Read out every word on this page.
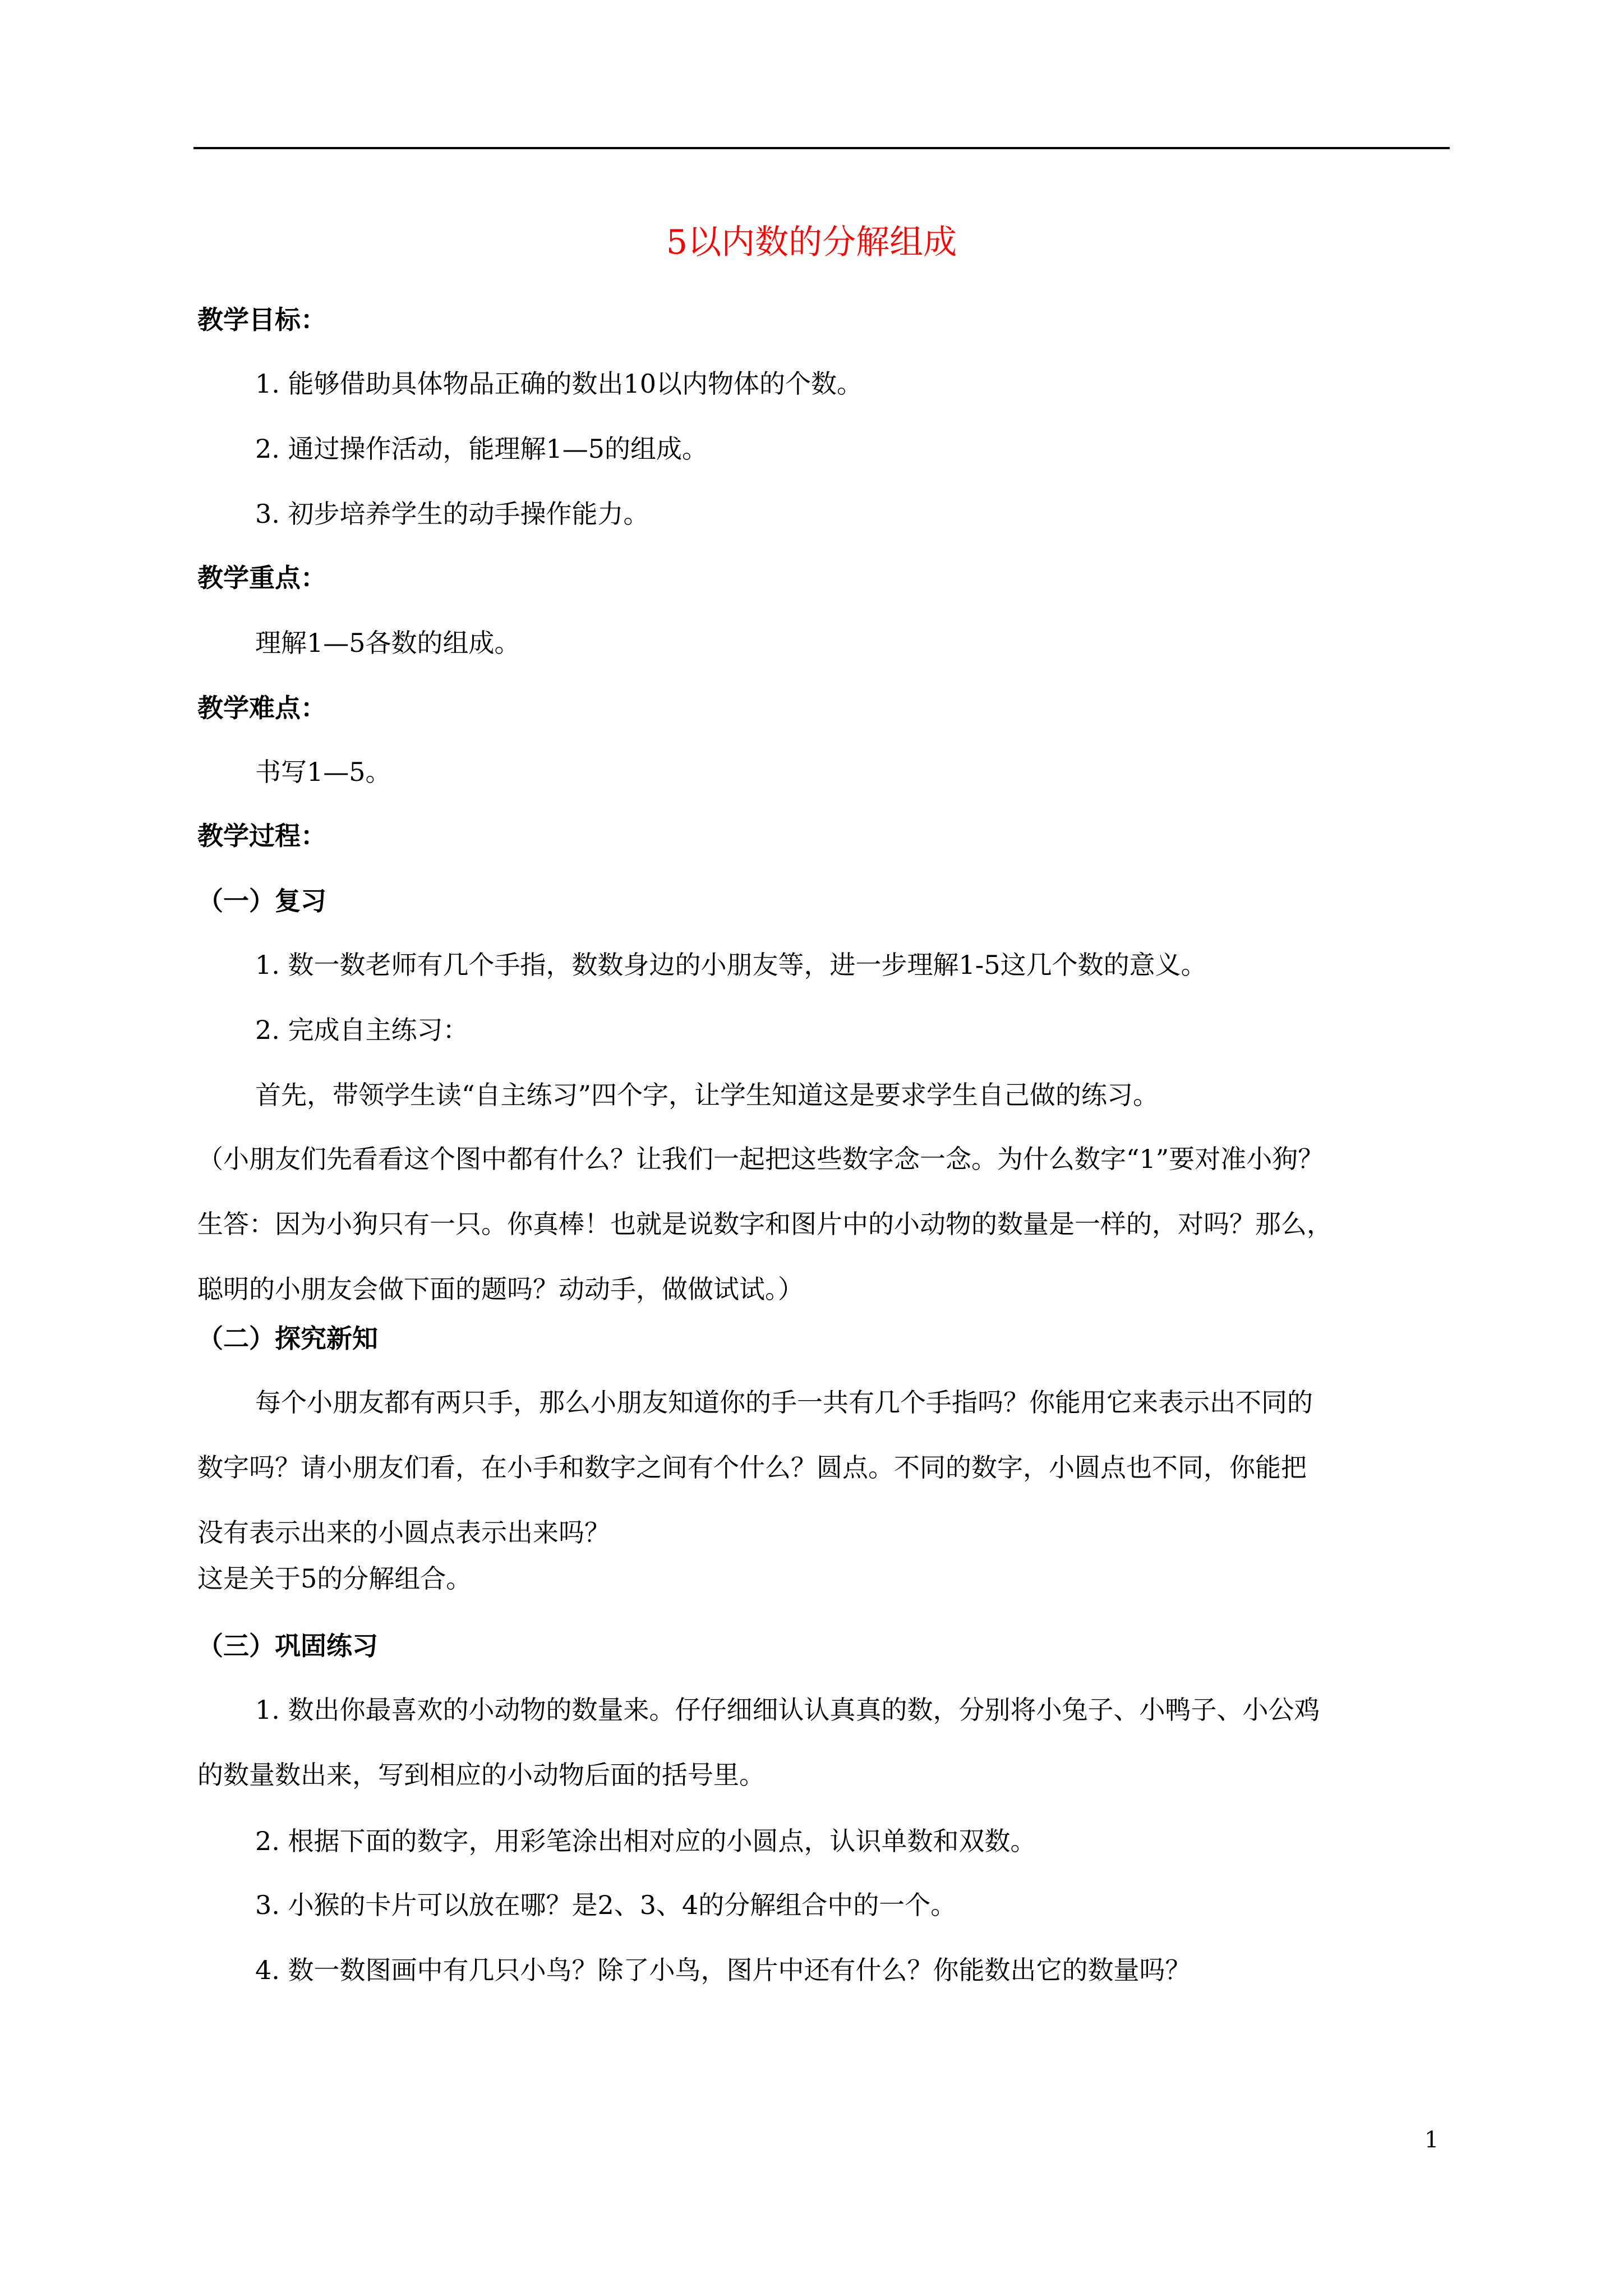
5以内数的分解组成
教学目标：
1. 能够借助具体物品正确的数出10以内物体的个数。
2. 通过操作活动，能理解1—5的组成。
3. 初步培养学生的动手操作能力。
教学重点：
理解1—5各数的组成。
教学难点：
书写1—5。
教学过程：
（一）复习
1. 数一数老师有几个手指，数数身边的小朋友等，进一步理解1-5这几个数的意义。
2. 完成自主练习：
首先，带领学生读“自主练习”四个字，让学生知道这是要求学生自己做的练习。
（小朋友们先看看这个图中都有什么？让我们一起把这些数字念一念。为什么数字“1”要对准小狗？
生答：因为小狗只有一只。你真棒！也就是说数字和图片中的小动物的数量是一样的，对吗？那么，
聪明的小朋友会做下面的题吗？动动手，做做试试。）
（二）探究新知
每个小朋友都有两只手，那么小朋友知道你的手一共有几个手指吗？你能用它来表示出不同的
数字吗？请小朋友们看，在小手和数字之间有个什么？圆点。不同的数字，小圆点也不同，你能把
没有表示出来的小圆点表示出来吗？
这是关于5的分解组合。
（三）巩固练习
1. 数出你最喜欢的小动物的数量来。仔仔细细认认真真的数，分别将小兔子、小鸭子、小公鸡
的数量数出来，写到相应的小动物后面的括号里。
2. 根据下面的数字，用彩笔涂出相对应的小圆点，认识单数和双数。
3. 小猴的卡片可以放在哪？是2、3、4的分解组合中的一个。
4. 数一数图画中有几只小鸟？除了小鸟，图片中还有什么？你能数出它的数量吗？
1
